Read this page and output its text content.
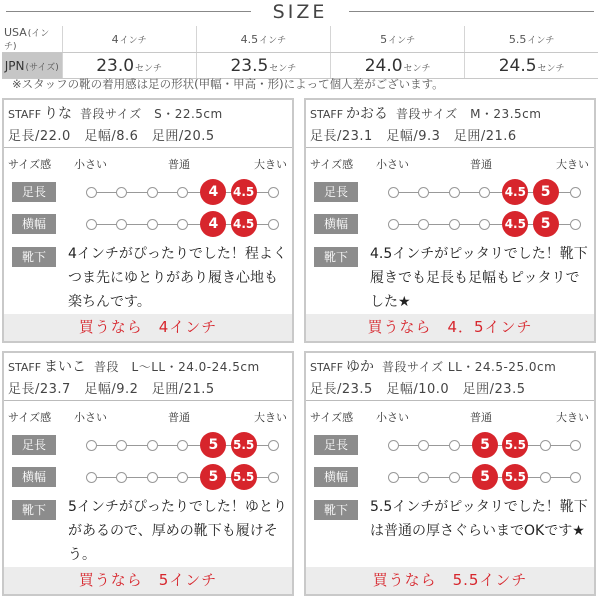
SIZE
USA(インチ)	4インチ	4.5インチ	5インチ	5.5インチ
JPN(サイズ)	23.0センチ	23.5センチ	24.0センチ	24.5センチ
※スタッフの靴の着用感は足の形状(甲幅・甲高・形)によって個人差がございます。
STAFF りな 普段サイズ　S・22.5cm
足長/22.0　足幅/8.6　足囲/20.5
サイズ感 小さい	普通	大きい
足長
横幅
靴下	4インチがぴったりでした！程よくつま先にゆとりがあり履き心地も楽ちんです。
買うなら　4インチ
4	4.5
4	4.5
STAFF かおる 普段サイズ　M・23.5cm
足長/23.1　足幅/9.3　足囲/21.6
サイズ感 小さい	普通	大きい
足長
横幅
靴下	4.5インチがピッタリでした！靴下履きでも足長も足幅もピッタリでした★
買うなら　4．5インチ
4.5	5
4.5	5
STAFF まいこ 普段　L〜LL・24.0-24.5cm
足長/23.7　足幅/9.2　足囲/21.5
サイズ感 小さい	普通	大きい
足長
横幅
靴下	5インチがぴったりでした！ゆとりがあるので、厚めの靴下も履けそう。
買うなら　5インチ
5	5.5
5	5.5
STAFF ゆか 普段サイズ LL・24.5-25.0cm
足長/23.5　足幅/10.0　足囲/23.5
サイズ感 小さい	普通	大きい
足長
横幅
靴下	5.5インチがピッタリでした！靴下は普通の厚さぐらいまでOKです★
買うなら　5.5インチ
5	5.5
5	5.5
